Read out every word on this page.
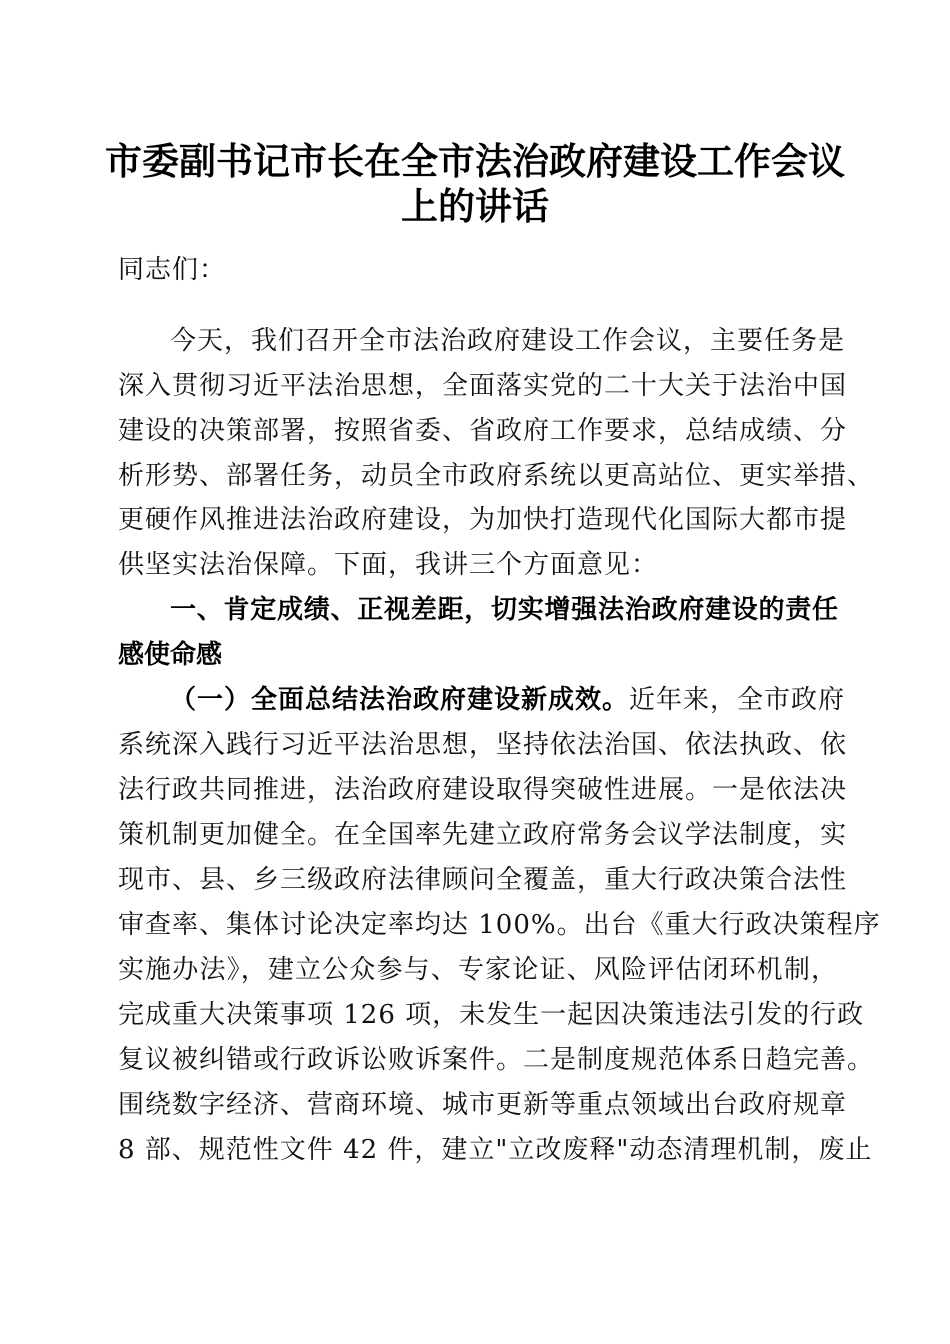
市委副书记市长在全市法治政府建设工作会议
上的讲话
同志们：
今天，我们召开全市法治政府建设工作会议，主要任务是
深入贯彻习近平法治思想，全面落实党的二十大关于法治中国
建设的决策部署，按照省委、省政府工作要求，总结成绩、分
析形势、部署任务，动员全市政府系统以更高站位、更实举措、
更硬作风推进法治政府建设，为加快打造现代化国际大都市提
供坚实法治保障。下面，我讲三个方面意见：
一、肯定成绩、正视差距，切实增强法治政府建设的责任
感使命感
（一）全面总结法治政府建设新成效。近年来，全市政府
系统深入践行习近平法治思想，坚持依法治国、依法执政、依
法行政共同推进，法治政府建设取得突破性进展。一是依法决
策机制更加健全。在全国率先建立政府常务会议学法制度，实
现市、县、乡三级政府法律顾问全覆盖，重大行政决策合法性
审查率、集体讨论决定率均达 100%。出台《重大行政决策程序
实施办法》，建立公众参与、专家论证、风险评估闭环机制，
完成重大决策事项 126 项，未发生一起因决策违法引发的行政
复议被纠错或行政诉讼败诉案件。二是制度规范体系日趋完善。
围绕数字经济、营商环境、城市更新等重点领域出台政府规章
8 部、规范性文件 42 件，建立"立改废释"动态清理机制，废止
